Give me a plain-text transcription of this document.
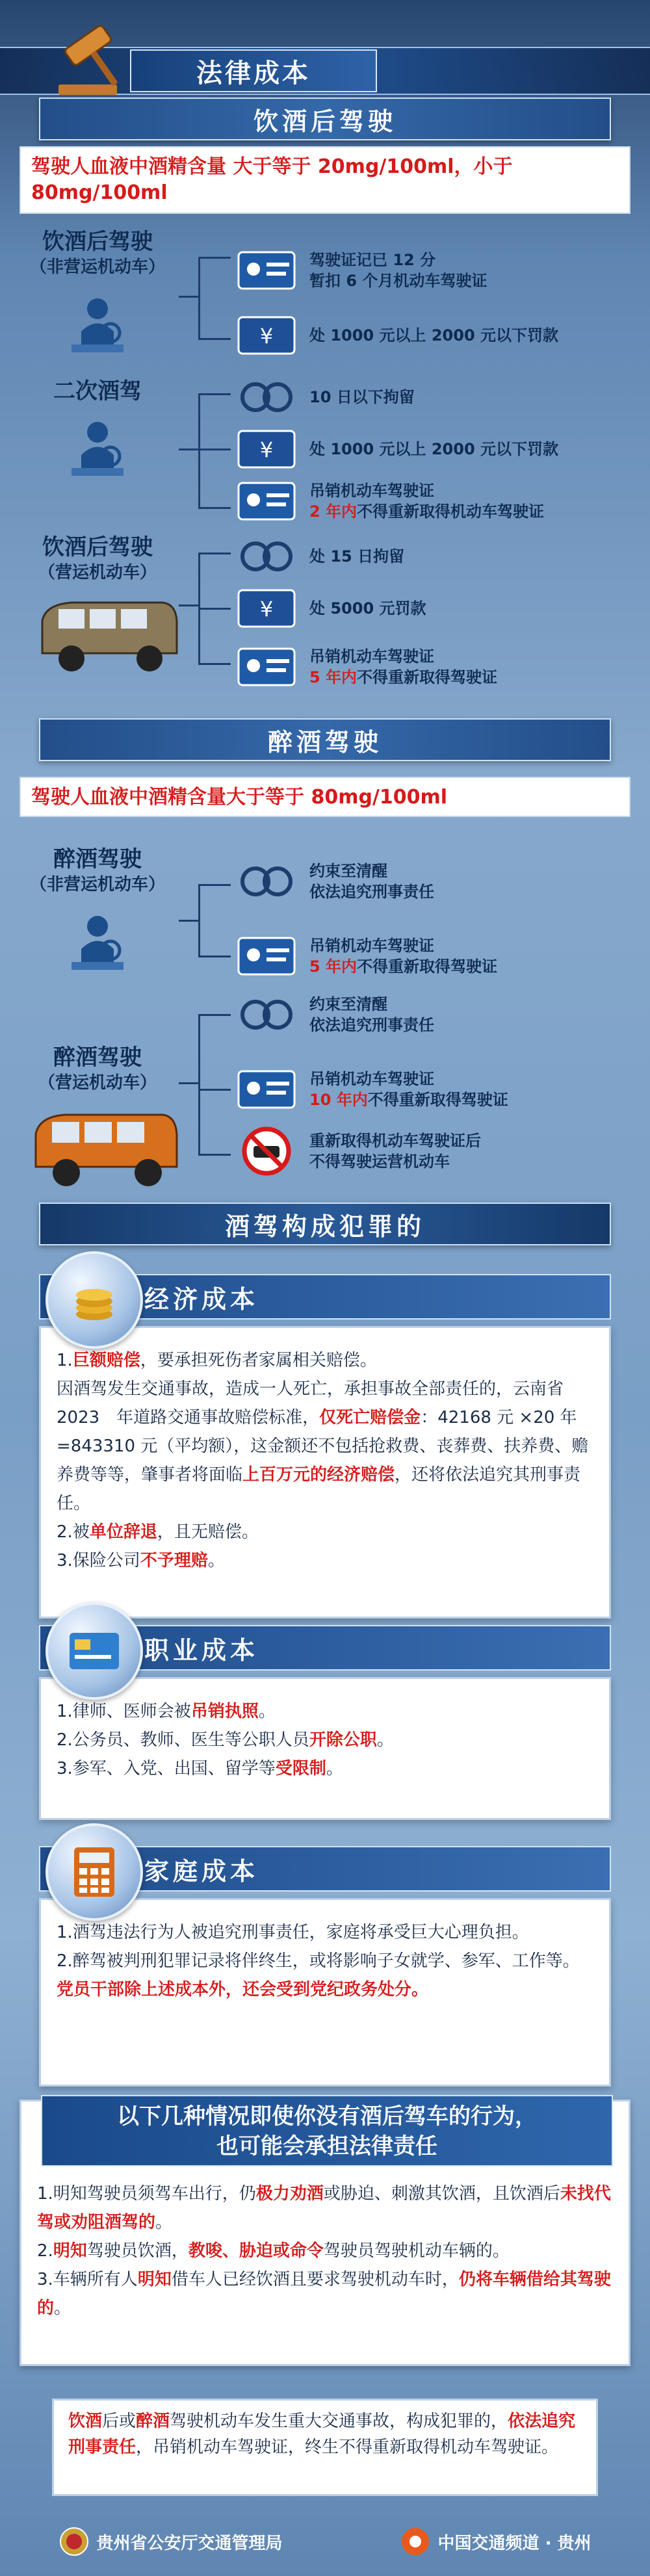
法律成本
饮酒后驾驶
驾驶人血液中酒精含量 大于等于 20mg/100ml，小于 80mg/100ml
饮酒后驾驶
（非营运机动车）	驾驶证记已 12 分
暂扣 6 个月机动车驾驶证
¥ 处 1000 元以上 2000 元以下罚款
二次酒驾	10 日以下拘留
¥ 处 1000 元以上 2000 元以下罚款
吊销机动车驾驶证
2 年内不得重新取得机动车驾驶证
饮酒后驾驶
（营运机动车）
处 15 日拘留
¥ 处 5000 元罚款
吊销机动车驾驶证
5 年内不得重新取得驾驶证
醉酒驾驶
驾驶人血液中酒精含量大于等于 80mg/100ml
醉酒驾驶
（非营运机动车）
约束至清醒
依法追究刑事责任
吊销机动车驾驶证
5 年内不得重新取得驾驶证
醉酒驾驶
（营运机动车）
约束至清醒
依法追究刑事责任
吊销机动车驾驶证
10 年内不得重新取得驾驶证
重新取得机动车驾驶证后
不得驾驶运营机动车
酒驾构成犯罪的

1.巨额赔偿，要承担死伤者家属相关赔偿。

因酒驾发生交通事故，造成一人死亡，承担事故全部责任的，云南省　2023　年道路交通事故赔偿标准，仅死亡赔偿金：42168 元 ×20 年 =843310 元（平均额），这金额还不包括抢救费、丧葬费、扶养费、赡养费等等，肇事者将面临上百万元的经济赔偿，还将依法追究其刑事责任。

2.被单位辞退，且无赔偿。

3.保险公司不予理赔。

经济成本

1.律师、医师会被吊销执照。

2.公务员、教师、医生等公职人员开除公职。

3.参军、入党、出国、留学等受限制。

职业成本

1.酒驾违法行为人被追究刑事责任，家庭将承受巨大心理负担。

2.醉驾被判刑犯罪记录将伴终生，或将影响子女就学、参军、工作等。

党员干部除上述成本外，还会受到党纪政务处分。

家庭成本
以下几种情况即使你没有酒后驾车的行为，
也可能会承担法律责任

1.明知驾驶员须驾车出行，仍极力劝酒或胁迫、刺激其饮酒，且饮酒后未找代驾或劝阻酒驾的。

2.明知驾驶员饮酒，教唆、胁迫或命令驾驶员驾驶机动车辆的。

3.车辆所有人明知借车人已经饮酒且要求驾驶机动车时，仍将车辆借给其驾驶的。

饮酒后或醉酒驾驶机动车发生重大交通事故，构成犯罪的，依法追究刑事责任，吊销机动车驾驶证，终生不得重新取得机动车驾驶证。
贵州省公安厅交通管理局	中国交通频道 · 贵州
